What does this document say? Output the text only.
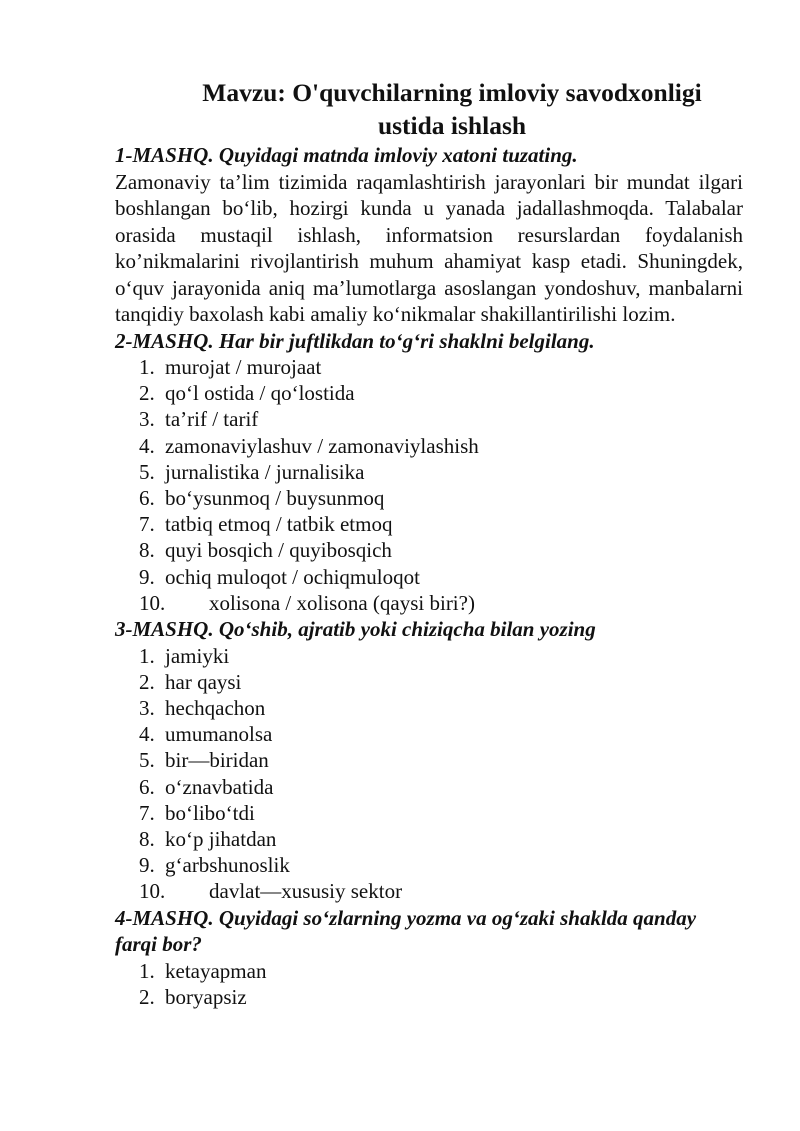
Mavzu: O'quvchilarning imloviy savodxonligi
ustida ishlash

1-MASHQ. Quyidagi matnda imloviy xatoni tuzating.

Zamonaviy ta’lim tizimida raqamlashtirish jarayonlari bir mundat ilgari boshlangan bo‘lib, hozirgi kunda u yanada jadallashmoqda. Talabalar orasida mustaqil ishlash, informatsion resurslardan foydalanish ko’nikmalarini rivojlantirish muhum ahamiyat kasp etadi. Shuningdek, o‘quv jarayonida aniq ma’lumotlarga asoslangan yondoshuv, manbalarni tanqidiy baxolash kabi amaliy ko‘nikmalar shakillantirilishi lozim.

2-MASHQ. Har bir juftlikdan to‘g‘ri shaklni belgilang.

1. murojat / murojaat
2. qo‘l ostida / qo‘lostida
3. ta’rif / tarif
4. zamonaviylashuv / zamonaviylashish
5. jurnalistika / jurnalisika
6. bo‘ysunmoq / buysunmoq
7. tatbiq etmoq / tatbik etmoq
8. quyi bosqich / quyibosqich
9. ochiq muloqot / ochiqmuloqot
10.	xolisona / xolisona (qaysi biri?)

3-MASHQ. Qo‘shib, ajratib yoki chiziqcha bilan yozing

1. jamiyki
2. har qaysi
3. hechqachon
4. umumanolsa
5. bir—biridan
6. o‘znavbatida
7. bo‘libo‘tdi
8. ko‘p jihatdan
9. g‘arbshunoslik
10.	davlat—xususiy sektor

4-MASHQ. Quyidagi so‘zlarning yozma va og‘zaki shaklda qanday farqi bor?

1. ketayapman
2. boryapsiz
